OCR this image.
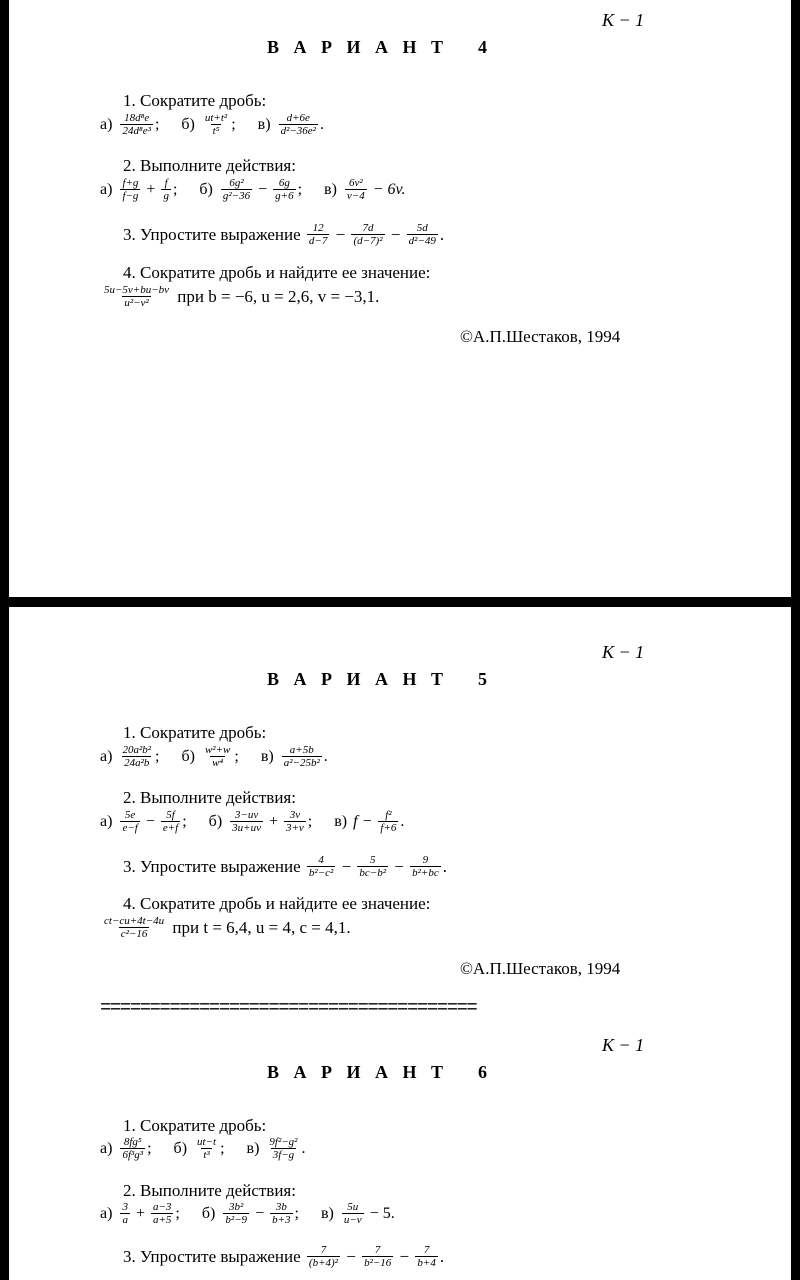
К − 1
В А Р И А Н Т 4
1. Сократите дробь:
$а) \frac{\text{18d⁸e}}{\text{24d⁸e³}}$ ; $б) \frac{\text{ut+t²}}{\text{t⁵}}$ ; $в) \frac{d+6e}{\text{d²−36e²}}$ .
2. Выполните действия:
$а) \frac{f+g}{f-g} + \frac{f}{g}$ ; $б) \frac{\text{6g²}}{\text{g²−36}} - \frac{6g}{g+6}$ ; $в) \frac{\text{6v²}}{v-4}$
− 6v.
3. Упростите выражение
$\frac{12}{d-7} - \frac{7d}{\text{(d−7)²}} - \frac{5d}{\text{d²−49}}$ .
4. Сократите дробь и найдите ее значение:
$\frac{5u-5v+bu-bv}{\text{u²−v²}}$
при b = −6, u = 2,6, v = −3,1.
©А.П.Шестаков, 1994
К − 1
В А Р И А Н Т 5
1. Сократите дробь:
$а) \frac{\text{20a²b²}}{\text{24a²b}}$ ; $б) \frac{\text{w²+w}}{\text{w⁴}}$ ; $в) \frac{a+5b}{\text{a²−25b²}}$ .
2. Выполните действия:
$а) \frac{5e}{e-f} - \frac{5f}{e+f}$ ; $б) \frac{3-uv}{3u+uv} + \frac{3v}{3+v}$ ; в) f −
$\frac{\text{f²}}{f+6}$ .
3. Упростите выражение
$\frac{4}{\text{b²−c²}} - \frac{5}{\text{bc−b²}} - \frac{9}{\text{b²+bc}}$ .
4. Сократите дробь и найдите ее значение:
$\frac{ct-cu+4t-4u}{\text{c²−16}}$
при t = 6,4, u = 4, c = 4,1.
©А.П.Шестаков, 1994
======================================
К − 1
В А Р И А Н Т 6
1. Сократите дробь:
$а) \frac{\text{8fg⁵}}{\text{6f³g³}}$ ; $б) \frac{ut-t}{\text{t³}}$ ; $в) \frac{\text{9f²−g²}}{3f-g}$ .
2. Выполните действия:
$а) \frac{3}{a} + \frac{a-3}{a+5}$ ; $б) \frac{\text{3b²}}{\text{b²−9}} - \frac{3b}{b+3}$ ; $в) \frac{5u}{u-v}$
− 5.
3. Упростите выражение
$\frac{7}{\text{(b+4)²}} - \frac{7}{\text{b²−16}} - \frac{7}{b+4}$ .
